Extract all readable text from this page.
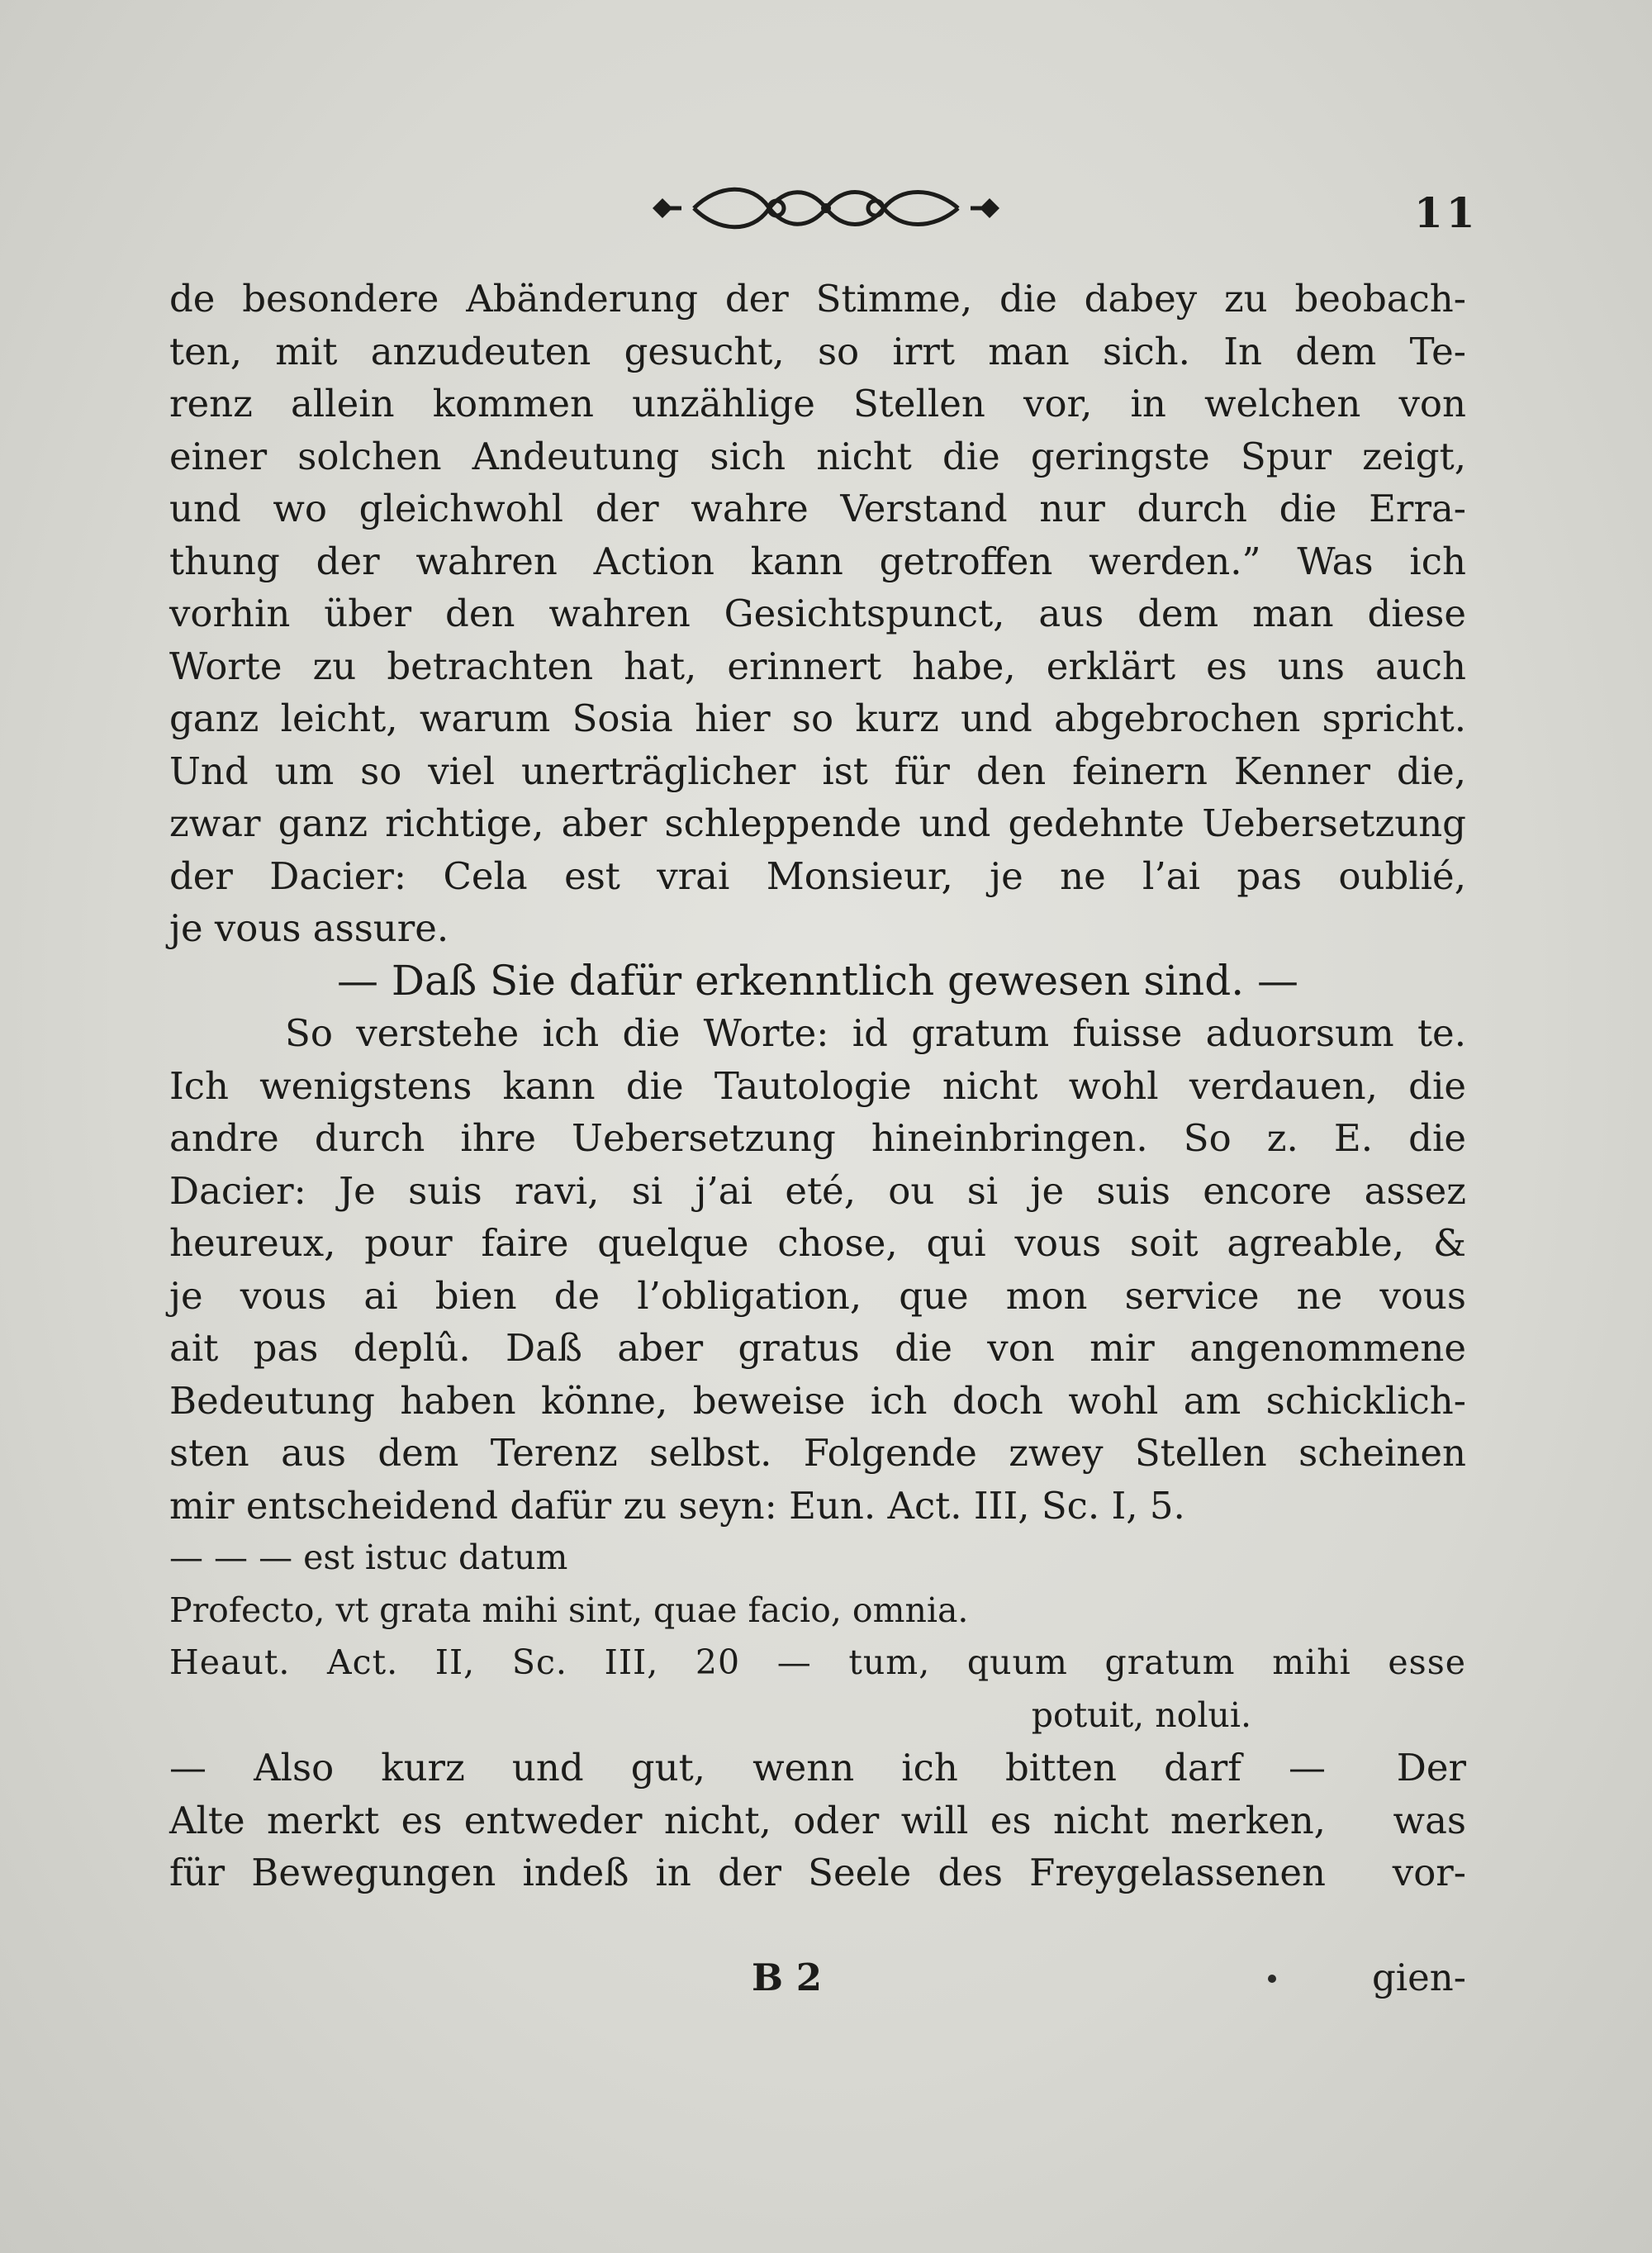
11
de besondere Abänderung der Stimme, die dabey zu beobach-
ten, mit anzudeuten gesucht, so irrt man sich. In dem Te-
renz allein kommen unzählige Stellen vor, in welchen von
einer solchen Andeutung sich nicht die geringste Spur zeigt,
und wo gleichwohl der wahre Verstand nur durch die Erra-
thung der wahren Action kann getroffen werden.” Was ich
vorhin über den wahren Gesichtspunct, aus dem man diese
Worte zu betrachten hat, erinnert habe, erklärt es uns auch
ganz leicht, warum Sosia hier so kurz und abgebrochen spricht.
Und um so viel unerträglicher ist für den feinern Kenner die,
zwar ganz richtige, aber schleppende und gedehnte Uebersetzung
der Dacier: Cela est vrai Monsieur, je ne l’ai pas oublié,
je vous assure.
— Daß Sie dafür erkenntlich gewesen sind. —
So verstehe ich die Worte: id gratum fuisse aduorsum te.
Ich wenigstens kann die Tautologie nicht wohl verdauen, die
andre durch ihre Uebersetzung hineinbringen. So z. E. die
Dacier: Je suis ravi, si j’ai eté, ou si je suis encore assez
heureux, pour faire quelque chose, qui vous soit agreable, &
je vous ai bien de l’obligation, que mon service ne vous
ait pas deplû. Daß aber gratus die von mir angenommene
Bedeutung haben könne, beweise ich doch wohl am schicklich-
sten aus dem Terenz selbst. Folgende zwey Stellen scheinen
mir entscheidend dafür zu seyn: Eun. Act. III, Sc. I, 5.
— — — est istuc datum
Profecto, vt grata mihi sint, quae facio, omnia.
Heaut. Act. II, Sc. III, 20 — tum, quum gratum mihi esse
potuit, nolui.
— Also kurz und gut, wenn ich bitten darf —	Der
Alte merkt es entweder nicht, oder will es nicht merken,	was
für Bewegungen indeß in der Seele des Freygelassenen	vor-
B 2	gien-
